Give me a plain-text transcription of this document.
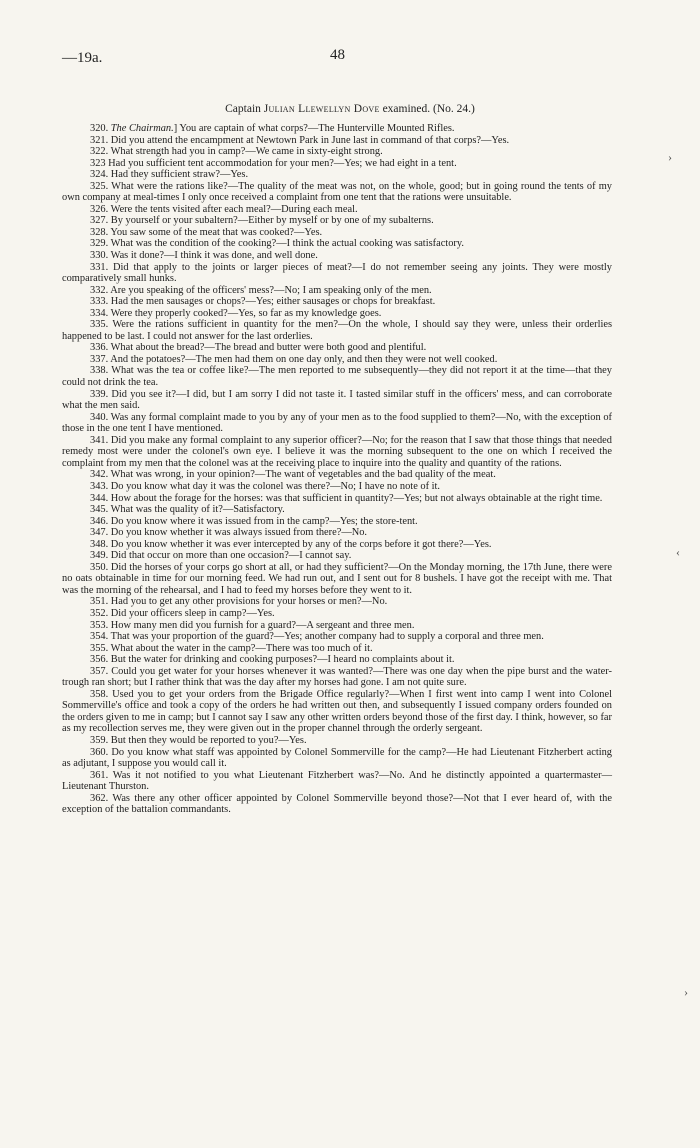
—19a.	48
Captain Julian Llewellyn Dove examined. (No. 24.)

320. The Chairman.] You are captain of what corps?—The Hunterville Mounted Rifles.

321. Did you attend the encampment at Newtown Park in June last in command of that corps?—Yes.

322. What strength had you in camp?—We came in sixty-eight strong.

323 Had you sufficient tent accommodation for your men?—Yes; we had eight in a tent.

324. Had they sufficient straw?—Yes.

325. What were the rations like?—The quality of the meat was not, on the whole, good; but in going round the tents of my own company at meal-times I only once received a complaint from one tent that the rations were unsuitable.

326. Were the tents visited after each meal?—During each meal.

327. By yourself or your subaltern?—Either by myself or by one of my subalterns.

328. You saw some of the meat that was cooked?—Yes.

329. What was the condition of the cooking?—I think the actual cooking was satisfactory.

330. Was it done?—I think it was done, and well done.

331. Did that apply to the joints or larger pieces of meat?—I do not remember seeing any joints. They were mostly comparatively small hunks.

332. Are you speaking of the officers' mess?—No; I am speaking only of the men.

333. Had the men sausages or chops?—Yes; either sausages or chops for breakfast.

334. Were they properly cooked?—Yes, so far as my knowledge goes.

335. Were the rations sufficient in quantity for the men?—On the whole, I should say they were, unless their orderlies happened to be last. I could not answer for the last orderlies.

336. What about the bread?—The bread and butter were both good and plentiful.

337. And the potatoes?—The men had them on one day only, and then they were not well cooked.

338. What was the tea or coffee like?—The men reported to me subsequently—they did not report it at the time—that they could not drink the tea.

339. Did you see it?—I did, but I am sorry I did not taste it. I tasted similar stuff in the officers' mess, and can corroborate what the men said.

340. Was any formal complaint made to you by any of your men as to the food supplied to them?—No, with the exception of those in the one tent I have mentioned.

341. Did you make any formal complaint to any superior officer?—No; for the reason that I saw that those things that needed remedy most were under the colonel's own eye. I believe it was the morning subsequent to the one on which I received the complaint from my men that the colonel was at the receiving place to inquire into the quality and quantity of the rations.

342. What was wrong, in your opinion?—The want of vegetables and the bad quality of the meat.

343. Do you know what day it was the colonel was there?—No; I have no note of it.

344. How about the forage for the horses: was that sufficient in quantity?—Yes; but not always obtainable at the right time.

345. What was the quality of it?—Satisfactory.

346. Do you know where it was issued from in the camp?—Yes; the store-tent.

347. Do you know whether it was always issued from there?—No.

348. Do you know whether it was ever intercepted by any of the corps before it got there?—Yes.

349. Did that occur on more than one occasion?—I cannot say.

350. Did the horses of your corps go short at all, or had they sufficient?—On the Monday morning, the 17th June, there were no oats obtainable in time for our morning feed. We had run out, and I sent out for 8 bushels. I have got the receipt with me. That was the morning of the rehearsal, and I had to feed my horses before they went to it.

351. Had you to get any other provisions for your horses or men?—No.

352. Did your officers sleep in camp?—Yes.

353. How many men did you furnish for a guard?—A sergeant and three men.

354. That was your proportion of the guard?—Yes; another company had to supply a corporal and three men.

355. What about the water in the camp?—There was too much of it.

356. But the water for drinking and cooking purposes?—I heard no complaints about it.

357. Could you get water for your horses whenever it was wanted?—There was one day when the pipe burst and the water-trough ran short; but I rather think that was the day after my horses had gone. I am not quite sure.

358. Used you to get your orders from the Brigade Office regularly?—When I first went into camp I went into Colonel Sommerville's office and took a copy of the orders he had written out then, and subsequently I issued company orders founded on the orders given to me in camp; but I cannot say I saw any other written orders beyond those of the first day. I think, however, so far as my recollection serves me, they were given out in the proper channel through the orderly sergeant.

359. But then they would be reported to you?—Yes.

360. Do you know what staff was appointed by Colonel Sommerville for the camp?—He had Lieutenant Fitzherbert acting as adjutant, I suppose you would call it.

361. Was it not notified to you what Lieutenant Fitzherbert was?—No. And he distinctly appointed a quartermaster—Lieutenant Thurston.

362. Was there any other officer appointed by Colonel Sommerville beyond those?—Not that I ever heard of, with the exception of the battalion commandants.

›
‹
›
